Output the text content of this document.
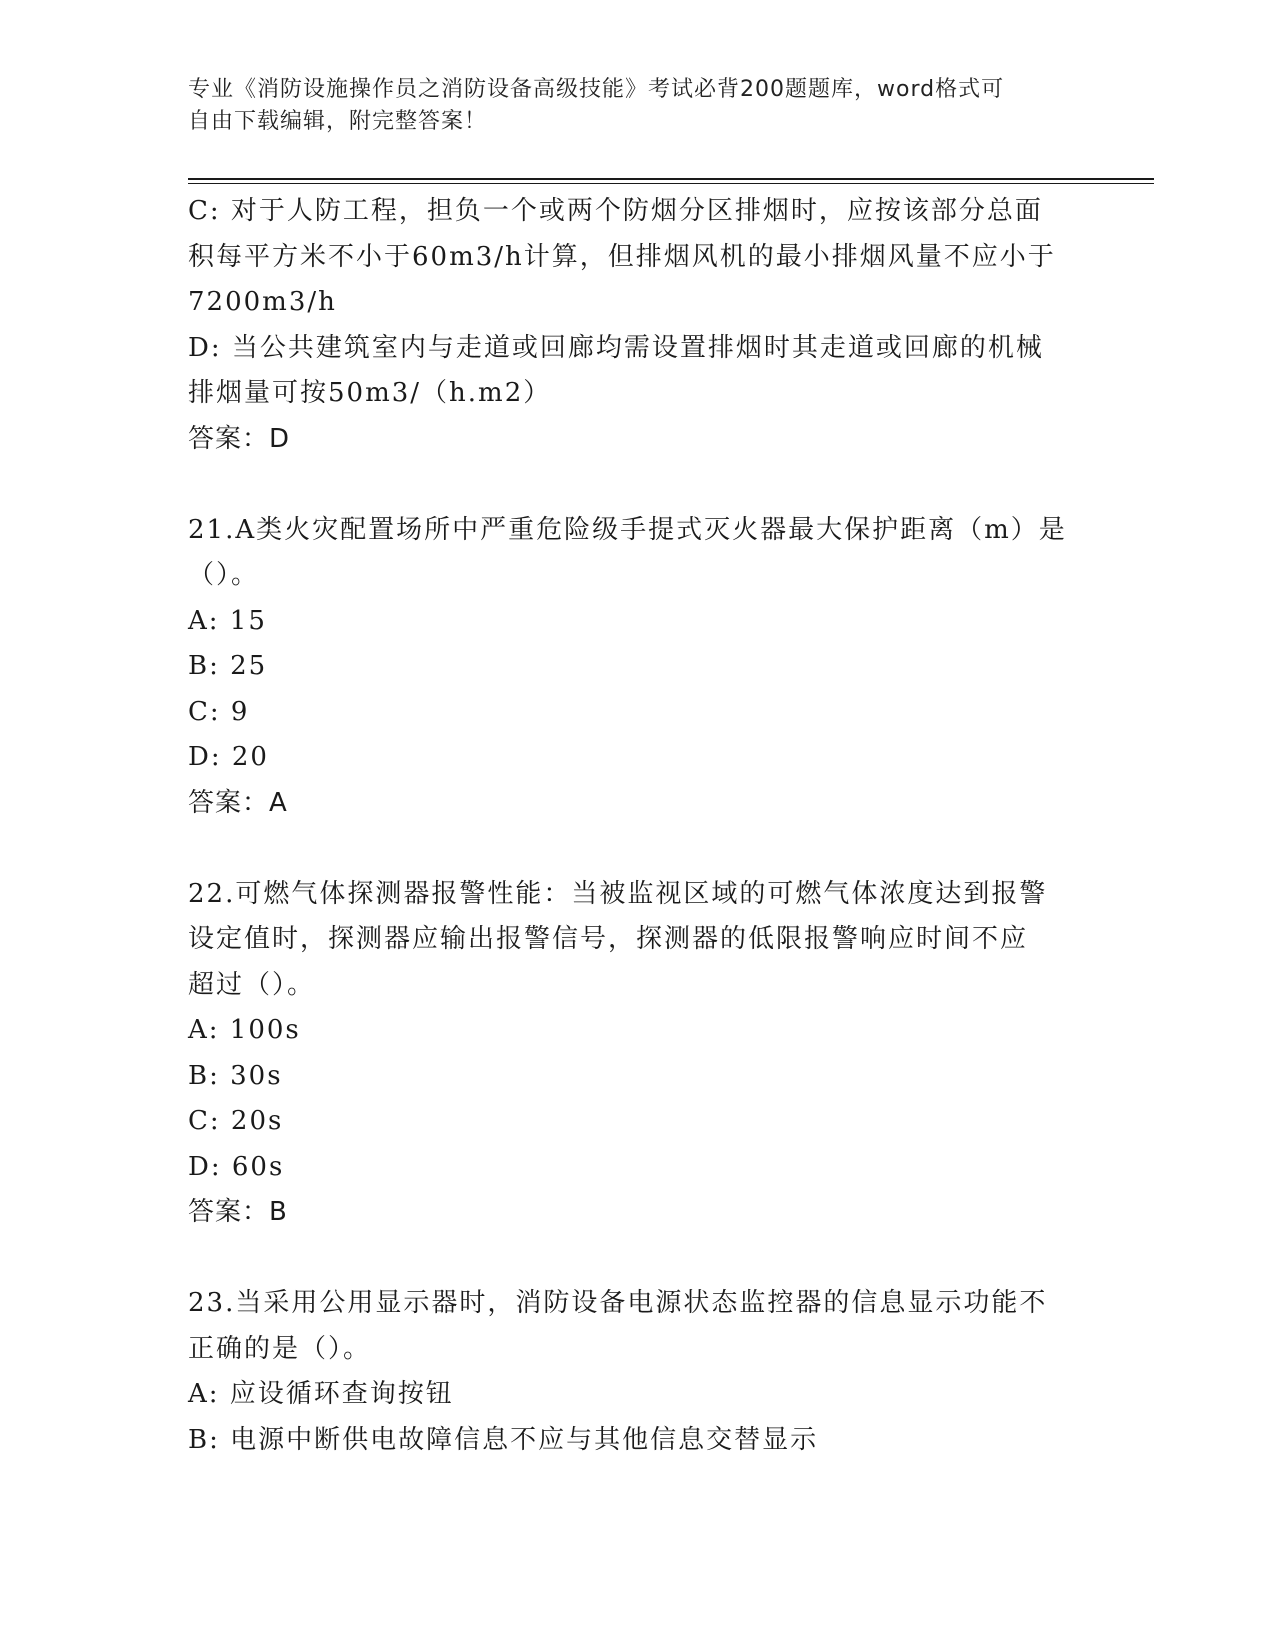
专业《消防设施操作员之消防设备高级技能》考试必背200题题库，word格式可
自由下载编辑，附完整答案！

C: 对于人防工程，担负一个或两个防烟分区排烟时，应按该部分总面

积每平方米不小于60m3/h计算，但排烟风机的最小排烟风量不应小于

7200m3/h

D: 当公共建筑室内与走道或回廊均需设置排烟时其走道或回廊的机械

排烟量可按50m3/（h.m2）

答案：D

21.A类火灾配置场所中严重危险级手提式灭火器最大保护距离（m）是

（）。

A: 15

B: 25

C: 9

D: 20

答案：A

22.可燃气体探测器报警性能：当被监视区域的可燃气体浓度达到报警

设定值时，探测器应输出报警信号，探测器的低限报警响应时间不应

超过（）。

A: 100s

B: 30s

C: 20s

D: 60s

答案：B

23.当采用公用显示器时，消防设备电源状态监控器的信息显示功能不

正确的是（）。

A: 应设循环查询按钮

B: 电源中断供电故障信息不应与其他信息交替显示
